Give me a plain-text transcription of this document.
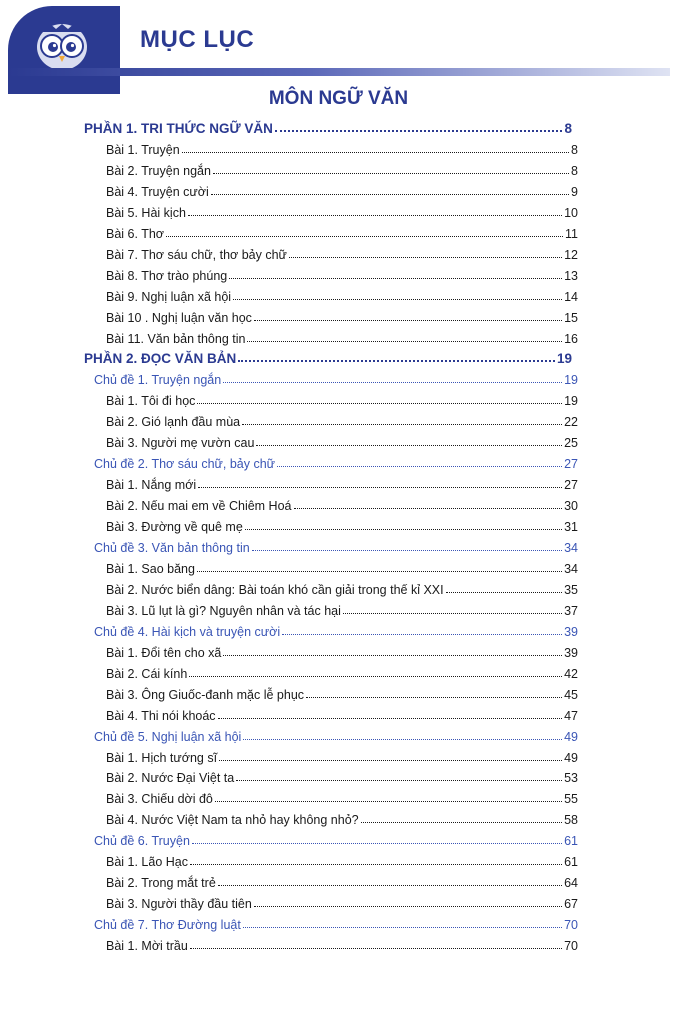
MỤC LỤC
MÔN NGỮ VĂN
PHẦN 1. TRI THỨC NGỮ VĂN	8
Bài 1. Truyện	8
Bài 2. Truyện ngắn	8
Bài 4. Truyện cười	9
Bài 5. Hài kịch	10
Bài 6. Thơ	11
Bài 7. Thơ sáu chữ, thơ bảy chữ	12
Bài 8. Thơ trào phúng	13
Bài 9. Nghị luận xã hội	14
Bài 10 . Nghị luận văn học	15
Bài 11. Văn bản thông tin	16
PHẦN 2. ĐỌC VĂN BẢN	19
Chủ đề 1. Truyện ngắn	19
Bài 1. Tôi đi học	19
Bài 2. Gió lạnh đầu mùa	22
Bài 3. Người mẹ vườn cau	25
Chủ đề 2. Thơ sáu chữ, bảy chữ	27
Bài 1. Nắng mới	27
Bài 2. Nếu mai em về Chiêm Hoá	30
Bài 3. Đường về quê mẹ	31
Chủ đề 3. Văn bản thông tin	34
Bài 1. Sao băng	34
Bài 2. Nước biển dâng: Bài toán khó cần giải trong thế kỉ XXI	35
Bài 3. Lũ lụt là gì? Nguyên nhân và tác hại	37
Chủ đề 4. Hài kịch và truyện cười	39
Bài 1. Đổi tên cho xã	39
Bài 2. Cái kính	42
Bài 3. Ông Giuốc-đanh mặc lễ phục	45
Bài 4. Thi nói khoác	47
Chủ đề 5. Nghị luận xã hội	49
Bài 1. Hịch tướng sĩ	49
Bài 2. Nước Đại Việt ta	53
Bài 3. Chiếu dời đô	55
Bài 4. Nước Việt Nam ta nhỏ hay không nhỏ?	58
Chủ đề 6. Truyện	61
Bài 1. Lão Hạc	61
Bài 2. Trong mắt trẻ	64
Bài 3. Người thầy đầu tiên	67
Chủ đề 7. Thơ Đường luật	70
Bài 1. Mời trầu	70
